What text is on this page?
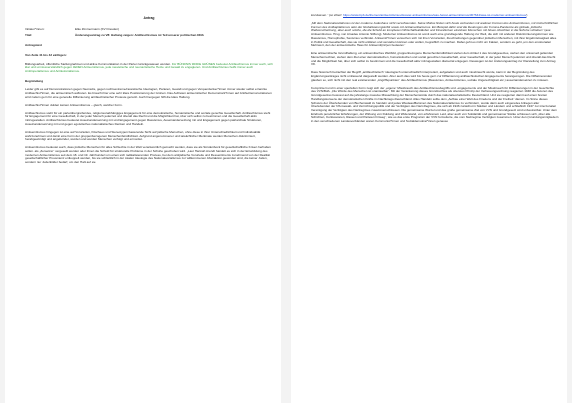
Antrag
Initiator*innen:	Elke Zimmermann (KV Dresden)
Titel:	Änderungsantrag zu V8: Haltung zeigen: Antifaschismus ist Teil unserer politischen DNA
Antragstext
Von Zeile 41 bis 42 einfügen:
Bildungsarbeit, öffentliche Stellungnahmen und aktive Kommunikation in der Partei zurückgewiesen werden. Für BÜNDNIS 90/DIE GRÜNEN bedeutet Antifaschismus immer auch, sich klar und unmissverständlich gegen JEDEN Antisemitismus, jede rassistische und neonazistische Hetze und Gewalt zu engagieren. Und Antifaschismus heißt immer auch Antiimperialismus und Antikolonialismus.
Begründung
Leider gibt es auf Demonstrationen gegen Neonazis, gegen rechtsextreme/rassistische Ideologien, Parteien, Gewalt und gegen Verquerdenker*innen immer wieder selbst ernannte Antifaschist*innen, die antisemitisch auftreten. Es braucht hier eine sehr klare Positionierung der Grünen. Das Auftreten antisemitischer Demonstrant*innen auf Antifa-Demonstrationen wird zudem gern für eine generelle Diffamierung antifaschistischer Proteste genutzt. Auch hiergegen hilft die klare Haltung.
Antifaschist*innen dulden keinen Antisemitismus – gleich, welcher Form.
Antifaschismus steht für ein parteiübergreifendes, religionsunabhängiges Engagement für eine demokratische, humanistische und soziale gerechte Gesellschaft. Antifaschismus steht für Engagement für eine Gesellschaft, in der jeder Mensch jederzeit und überall das Recht und die Möglichkeit hat, über sich selbst zu bestimmen und die Gesellschaft aktiv mitzugestalten. Antifaschismus bedeutet Auseinandersetzung mit und Engagement gegen Rassismus, Auseinandersetzung mit und Engagement gegen patriarchale Strukturen, Auseinandersetzung mit und gegen egoistisches nationalistisches Denken und Handeln.
Antisemitismus hingegen ist eine auf Vorurteilen, Klischees und Stereotypen basierende Sicht auf jüdische Menschen, ohne diese in ihrer Unterschiedlichkeit und Individualität wahrzunehmen und damit eine Form der gruppenbezogenen Menschenfeindlichkeit. Aufgrund angenommener und tatsächlicher Merkmale werden Menschen diskriminiert, herabgewürdigt und angefeindet, wurden und werden Menschen verfolgt und ermordet.
Antisemitismus bedeutet auch, dass jüdische Menschen für alles Schlechte in der Welt verantwortlich gemacht werden, dass sie als Sündenbock für gesellschaftliche Krisen herhalten sollen. als „Zersetzer“ vergesellt werden oder ihnen die Schuld für strukturelle Probleme in der Schuhe geschoben wird. „Laut Hannah Arendt handelt es sich in der Entwicklung des modernen Antisemitismus seit dem 18. und 19. Jahrhundert um einen sich radikalisierenden Prozess, bei dem antijüdische Vorurteile und Ressentiments zunehmend von der Realität gesellschaftlicher Provenienz entkoppelt werden, bis sie schließlich in der totalen Ideologie des Nationalsozialismus zur willkommenen Abstraktion geworden sind, die keiner Juden, sondern nur Judenbilder bedarf, um den Haß auf sie
kozulassen.“ (so zitiert: https://www.bpb.de/themen/antisemitismus/dossier-antisemitismus/was-heisst-antisemitismus/307644/was-ist-moderner-antisemitismus/)
„Mit dem Nationalsozialismus ist der moderne Judenhass nicht verschwunden. Seine Motive finden sich heute verbunden mit anderen Formen des Antisemitismus, mit rückschrittlichen Formen des Antikapitalismus oder der Globalisierungskritik sowie mit Antiamerikanismus. Ein Beispiel dafür sind die Deutungen der Corona-Pandemie als globale, jüdische Weltverschwörung, aber auch solche, die die Schuld an komplexen Wirtschaftsabläufen und Finanzkrisen einzelnen Menschen mit bösen Absichten in die Schuhe schieben“ (aus: Antisemitismus. Hrsg. von Amadeu Antonio Stiftung). Moderner Antisemitismus ist somit auch eine grundlegende Haltung zur Welt, die sich mit anderen Diskriminierungsformen wie Rassismus, Homophobie, Sexismus verbindet. Antisemit*innen versuchen sich mit ihren Vorurteilen, Zuschreibungen gegenüber jüdischen Menschen, mit ihrer Ergebnislosigkeit alles in Politik und Gesellschaft, das sie nicht erklären und verstehen können oder wollen, begreiflich zu machen. Dabei geht es nicht um Fakten, sondern es geht „um den emotionalen Mehrwert, den der antisemitische Hass für Antisemit(inn)en bedeutet.“
Eine antisemitische Grundhaltung, ein antisemitisches Weltbild, gruppenbezogene Menschenfeindlichkeit stehen dem Artikel 1 des Grundgesetzes, stehen den universell geltenden Menschenrechten, stehen dem Ziel einer demokratischen, humanistischen und sozial gerechten Gesellschaft, einer Gesellschaft, in der jeder Mensch jederzeit und überall das Recht und die Möglichkeit hat, über sich selbst zu bestimmen und die Gesellschaft aktiv mitzugestalten diametral entgegen. Deswegen ist der Änderungsantrag zur Klarstellung zum Antrag V8.
Dass historisch betrachtet der Begriff „antifaschistisch“ ideologisch unterschiedlich interpretiert, aufgeladen und auch missbraucht wurde, kann in der Begründung des Ergänzungsantrages nicht umfassend dargestellt werden. Aber auch dies wird bis heute gern zur Diffamierung antifaschistischen Engagements herangezogen. Die Diffamierenden glauben so, sich nicht mit den real existierenden „Angriffspunkten“ des Antifaschismus (Rassismus, Antisemitismus, soziale Ungerechtigkeit etc.) auseinandersetzen zu müssen.
Kompriniert und in einer speziellen Form zeigt sich der „eigene“ Missbrauch des Antifaschismusbegriffs und -engagements und der Missbrauch für Diffamierungen in der Geschichte des VVN/BdA. „Die Würde des Menschen ist unantastbar“. Mit der Verankerung dieses Grundrechtes als oberstes Prinzip der Verfassungsordnung reagierten 1948 die Autoren des Grundgesetzes bewusst auf die jahrelange massive Missachtung der Menschenwürde durch das nationalsozialistische Deutschland. Und sie reagierten damit auf einen breiten Handlungskonsens der demokratischen Kräfte im Nachkriegs-Deutschland. Alles Handeln sollte dem „Aufbau einer Welt des Friedens und der Freiheit“ dienen. Im Sinne dieses Schwurs der Überlebenden von Buchenwald zu handeln und jedes Wiedeaufflammen des Nationalsozialismus zu verhindern, wurde dann auch eingeredes Anliegen aller Überlebenden der NS-Gewalt- und Vernichtungspolitik und der Verfolgten des Nazi-Regimes, die sich ab 1946 zunächst in Städten und Ländern und schließlich 1947 zur interzonalen Vereinigung der Verfolgten des Naziregimes zusammenschlossen. Die gemeinsame Wurzel und das große gemeinsame Ziel von VVN und Grundgesetz sind unbestreitbar. Unter dem Eindruck persönlicher Erfahrungen, der Wirkung von Duldung und Widerstand, von erfahrenem Leid, aber auch von Solidarität und gemeinsamer Stärke schlossen sich „über alle Schichten, Konfessionen, Rassen und Parteien hinweg“, wie es das erste Programm der VVN formulierte, die vom Naziregime Verfolgten zusammen. Unter den (Grundungsmitgliedern in den verschiedenen Landesverbänden waren Kommunist*innen und Sozialdemokrat*innen genauso
